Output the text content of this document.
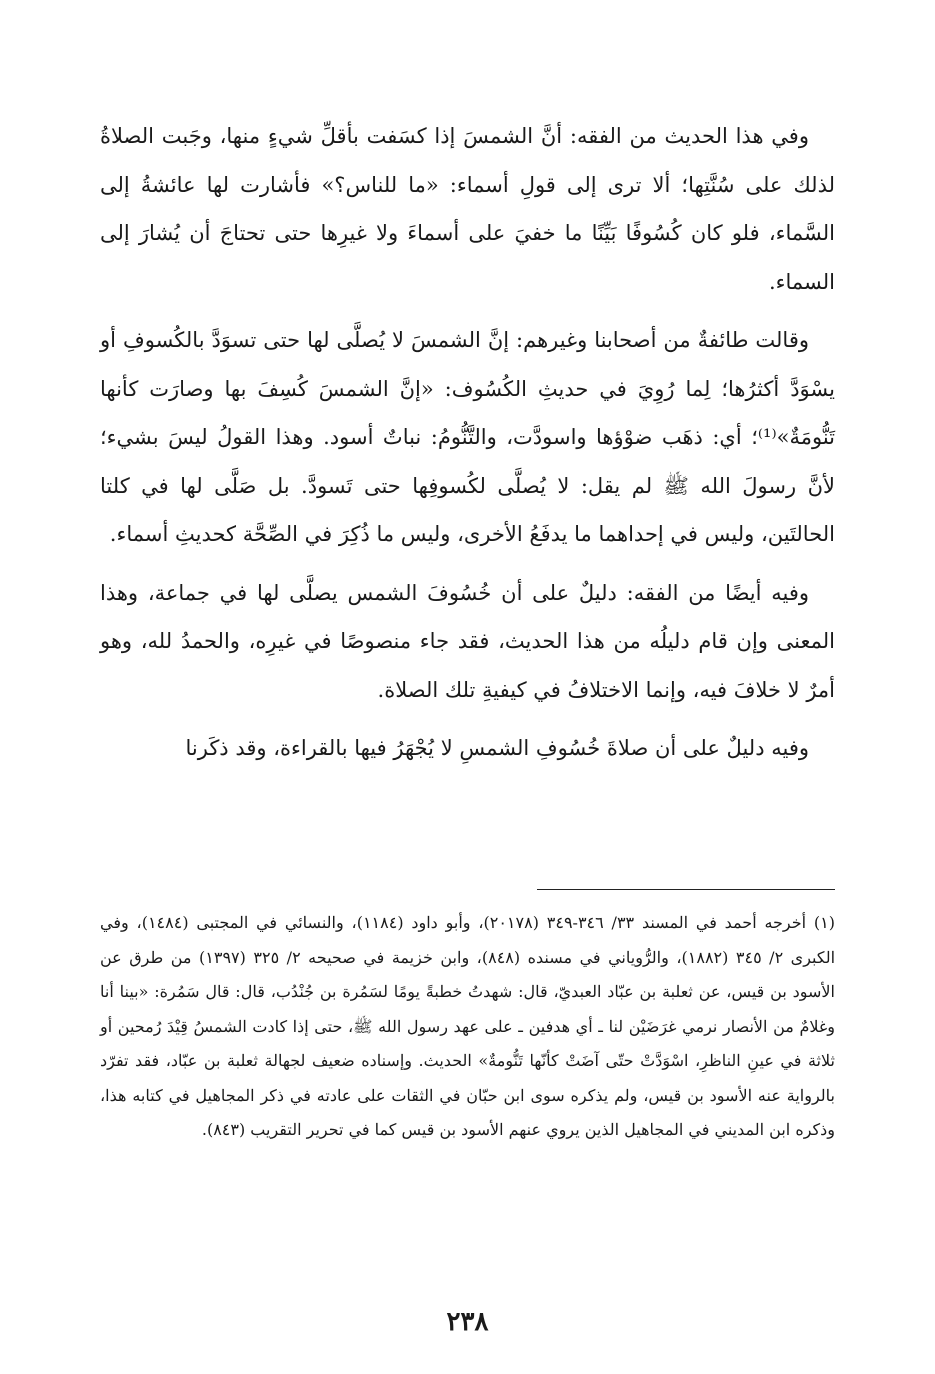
وفي هذا الحديث من الفقه: أنَّ الشمسَ إذا كسَفت بأقلِّ شيءٍ منها، وجَبت الصلاةُ لذلك على سُنَّتِها؛ ألا ترى إلى قولِ أسماء: «ما للناس؟» فأشارت لها عائشةُ إلى السَّماء، فلو كان كُسُوفًا بَيِّنًا ما خفيَ على أسماءَ ولا غيرِها حتى تحتاجَ أن يُشارَ إلى السماء.

وقالت طائفةٌ من أصحابنا وغيرهم: إنَّ الشمسَ لا يُصلَّى لها حتى تسوَدَّ بالكُسوفِ أو يسْوَدَّ أكثرُها؛ لِما رُوِيَ في حديثِ الكُسُوف: «إنَّ الشمسَ كُسِفَ بها وصارَت كأنها تَنُّومَةٌ»⁽¹⁾؛ أي: ذهَب ضوْؤها واسودَّت، والتَّنُّومُ: نباتٌ أسود. وهذا القولُ ليسَ بشيء؛ لأنَّ رسولَ الله ﷺ لم يقل: لا يُصلَّى لكُسوفِها حتى تَسودَّ. بل صَلَّى لها في كلتا الحالتَين، وليس في إحداهما ما يدفَعُ الأخرى، وليس ما ذُكِرَ في الصِّحَّة كحديثِ أسماء.

وفيه أيضًا من الفقه: دليلٌ على أن خُسُوفَ الشمس يصلَّى لها في جماعة، وهذا المعنى وإن قام دليلُه من هذا الحديث، فقد جاء منصوصًا في غيرِه، والحمدُ لله، وهو أمرٌ لا خلافَ فيه، وإنما الاختلافُ في كيفيةِ تلك الصلاة.

وفيه دليلٌ على أن صلاةَ خُسُوفِ الشمسِ لا يُجْهَرُ فيها بالقراءة، وقد ذكَرنا

(١) أخرجه أحمد في المسند ٣٣/ ٣٤٦-٣٤٩ (٢٠١٧٨)، وأبو داود (١١٨٤)، والنسائي في المجتبى (١٤٨٤)، وفي الكبرى ٢/ ٣٤٥ (١٨٨٢)، والرُّوياني في مسنده (٨٤٨)، وابن خزيمة في صحيحه ٢/ ٣٢٥ (١٣٩٧) من طرق عن الأسود بن قيس، عن ثعلبة بن عبّاد العبديّ، قال: شهدتُ خطبةً يومًا لسَمُرة بن جُنْدُب، قال: قال سَمُرة: «بينا أنا وغلامٌ من الأنصار نرمي غرَضَيْن لنا ـ أي هدفين ـ على عهد رسول الله ﷺ، حتى إذا كادت الشمسُ قِيْدَ رُمحين أو ثلاثة في عينِ الناظرِ، اسْوَدَّتْ حتّى آضَتْ كأنّها تَنُّومةٌ» الحديث. وإسناده ضعيف لجهالة ثعلبة بن عبّاد، فقد تفرّد بالرواية عنه الأسود بن قيس، ولم يذكره سوى ابن حبّان في الثقات على عادته في ذكر المجاهيل في كتابه هذا، وذكره ابن المديني في المجاهيل الذين يروي عنهم الأسود بن قيس كما في تحرير التقريب (٨٤٣).

٢٣٨
